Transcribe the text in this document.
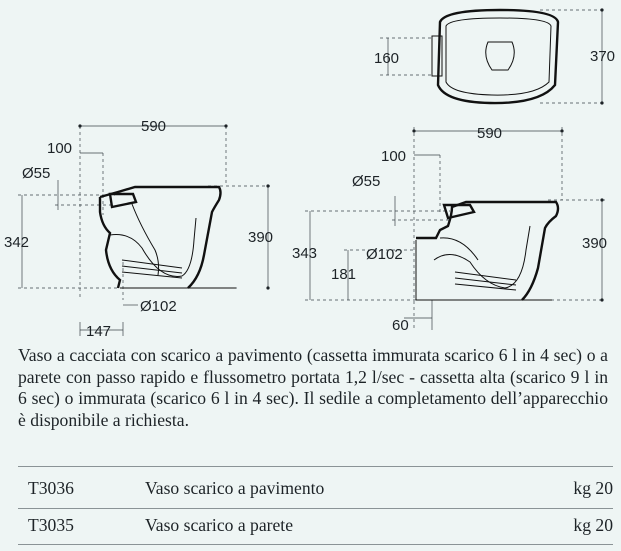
160	370
590
100
Ø55
342	390
Ø102
147
590
100
Ø55
343
181
Ø102
390
60

Vaso a cacciata con scarico a pavimento (cassetta immurata scarico 6 l in 4 sec) o a parete con passo rapido e flussometro portata 1,2 l/sec - cassetta alta (scarico 9 l in 6 sec) o immurata (scarico 6 l in 4 sec). Il sedile a completamento dell’apparecchio è disponibile a richiesta.

T3036	Vaso scarico a pavimento	kg 20
T3035	Vaso scarico a parete	kg 20
